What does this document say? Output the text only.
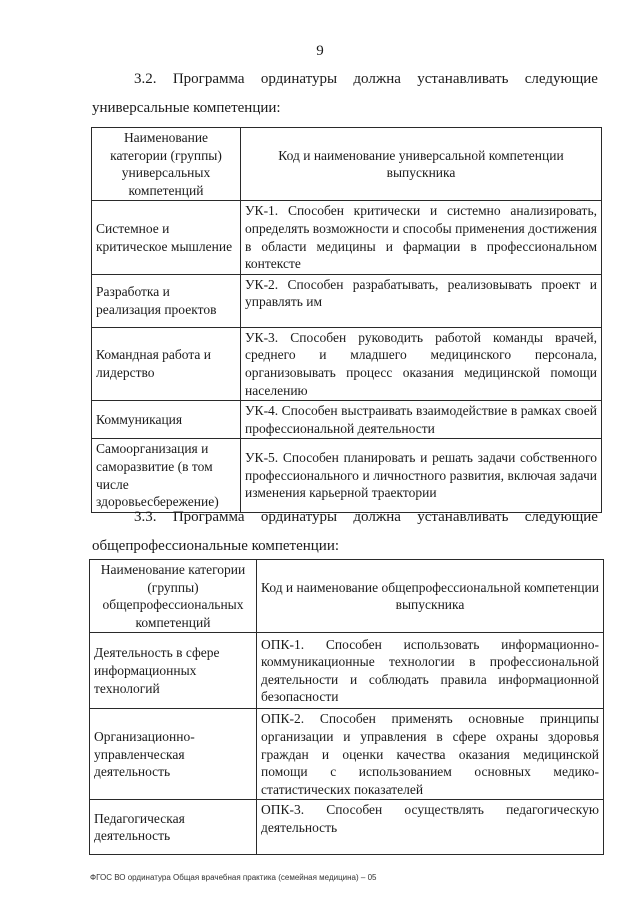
9
3.2. Программа ординатуры должна устанавливать следующие
универсальные компетенции:
Наименование категории (группы) универсальных компетенций	Код и наименование универсальной компетенции выпускника
Системное и критическое мышление	УК-1. Способен критически и системно анализировать, определять возможности и способы применения достижения в области медицины и фармации в профессиональном контексте
Разработка и реализация проектов	УК-2. Способен разрабатывать, реализовывать проект и управлять им
Командная работа и лидерство	УК-3. Способен руководить работой команды врачей, среднего и младшего медицинского персонала, организовывать процесс оказания медицинской помощи населению
Коммуникация	УК-4. Способен выстраивать взаимодействие в рамках своей профессиональной деятельности
Самоорганизация и саморазвитие (в том числе здоровьесбережение)	УК-5. Способен планировать и решать задачи собственного профессионального и личностного развития, включая задачи изменения карьерной траектории
3.3. Программа ординатуры должна устанавливать следующие
общепрофессиональные компетенции:
Наименование категории (группы) общепрофессиональных компетенций	Код и наименование общепрофессиональной компетенции выпускника
Деятельность в сфере информационных технологий	ОПК-1. Способен использовать информационно-коммуникационные технологии в профессиональной деятельности и соблюдать правила информационной безопасности
Организационно-управленческая деятельность	ОПК-2. Способен применять основные принципы организации и управления в сфере охраны здоровья граждан и оценки качества оказания медицинской помощи с использованием основных медико-статистических показателей
Педагогическая деятельность	ОПК-3. Способен осуществлять педагогическую деятельность
ФГОС ВО ординатура Общая врачебная практика (семейная медицина) – 05
